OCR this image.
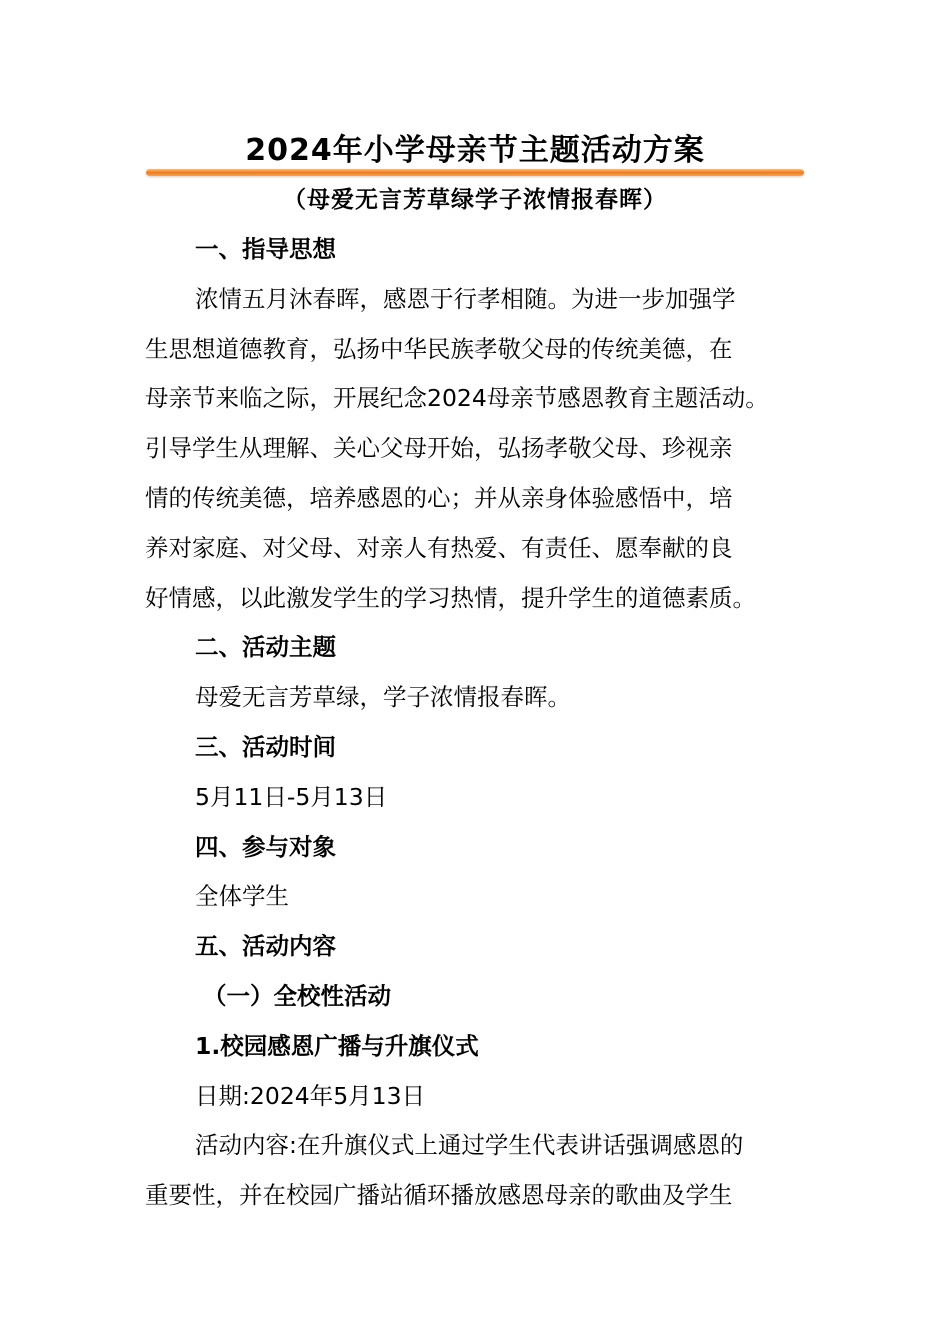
2024年小学母亲节主题活动方案
（母爱无言芳草绿学子浓情报春晖）
一、指导思想
浓情五月沐春晖，感恩于行孝相随。为进一步加强学
生思想道德教育，弘扬中华民族孝敬父母的传统美德，在
母亲节来临之际，开展纪念2024母亲节感恩教育主题活动。
引导学生从理解、关心父母开始，弘扬孝敬父母、珍视亲
情的传统美德，培养感恩的心；并从亲身体验感悟中，培
养对家庭、对父母、对亲人有热爱、有责任、愿奉献的良
好情感，以此激发学生的学习热情，提升学生的道德素质。
二、活动主题
母爱无言芳草绿，学子浓情报春晖。
三、活动时间
5月11日-5月13日
四、参与对象
全体学生
五、活动内容
（一）全校性活动
1.校园感恩广播与升旗仪式
日期:2024年5月13日
活动内容:在升旗仪式上通过学生代表讲话强调感恩的
重要性，并在校园广播站循环播放感恩母亲的歌曲及学生
